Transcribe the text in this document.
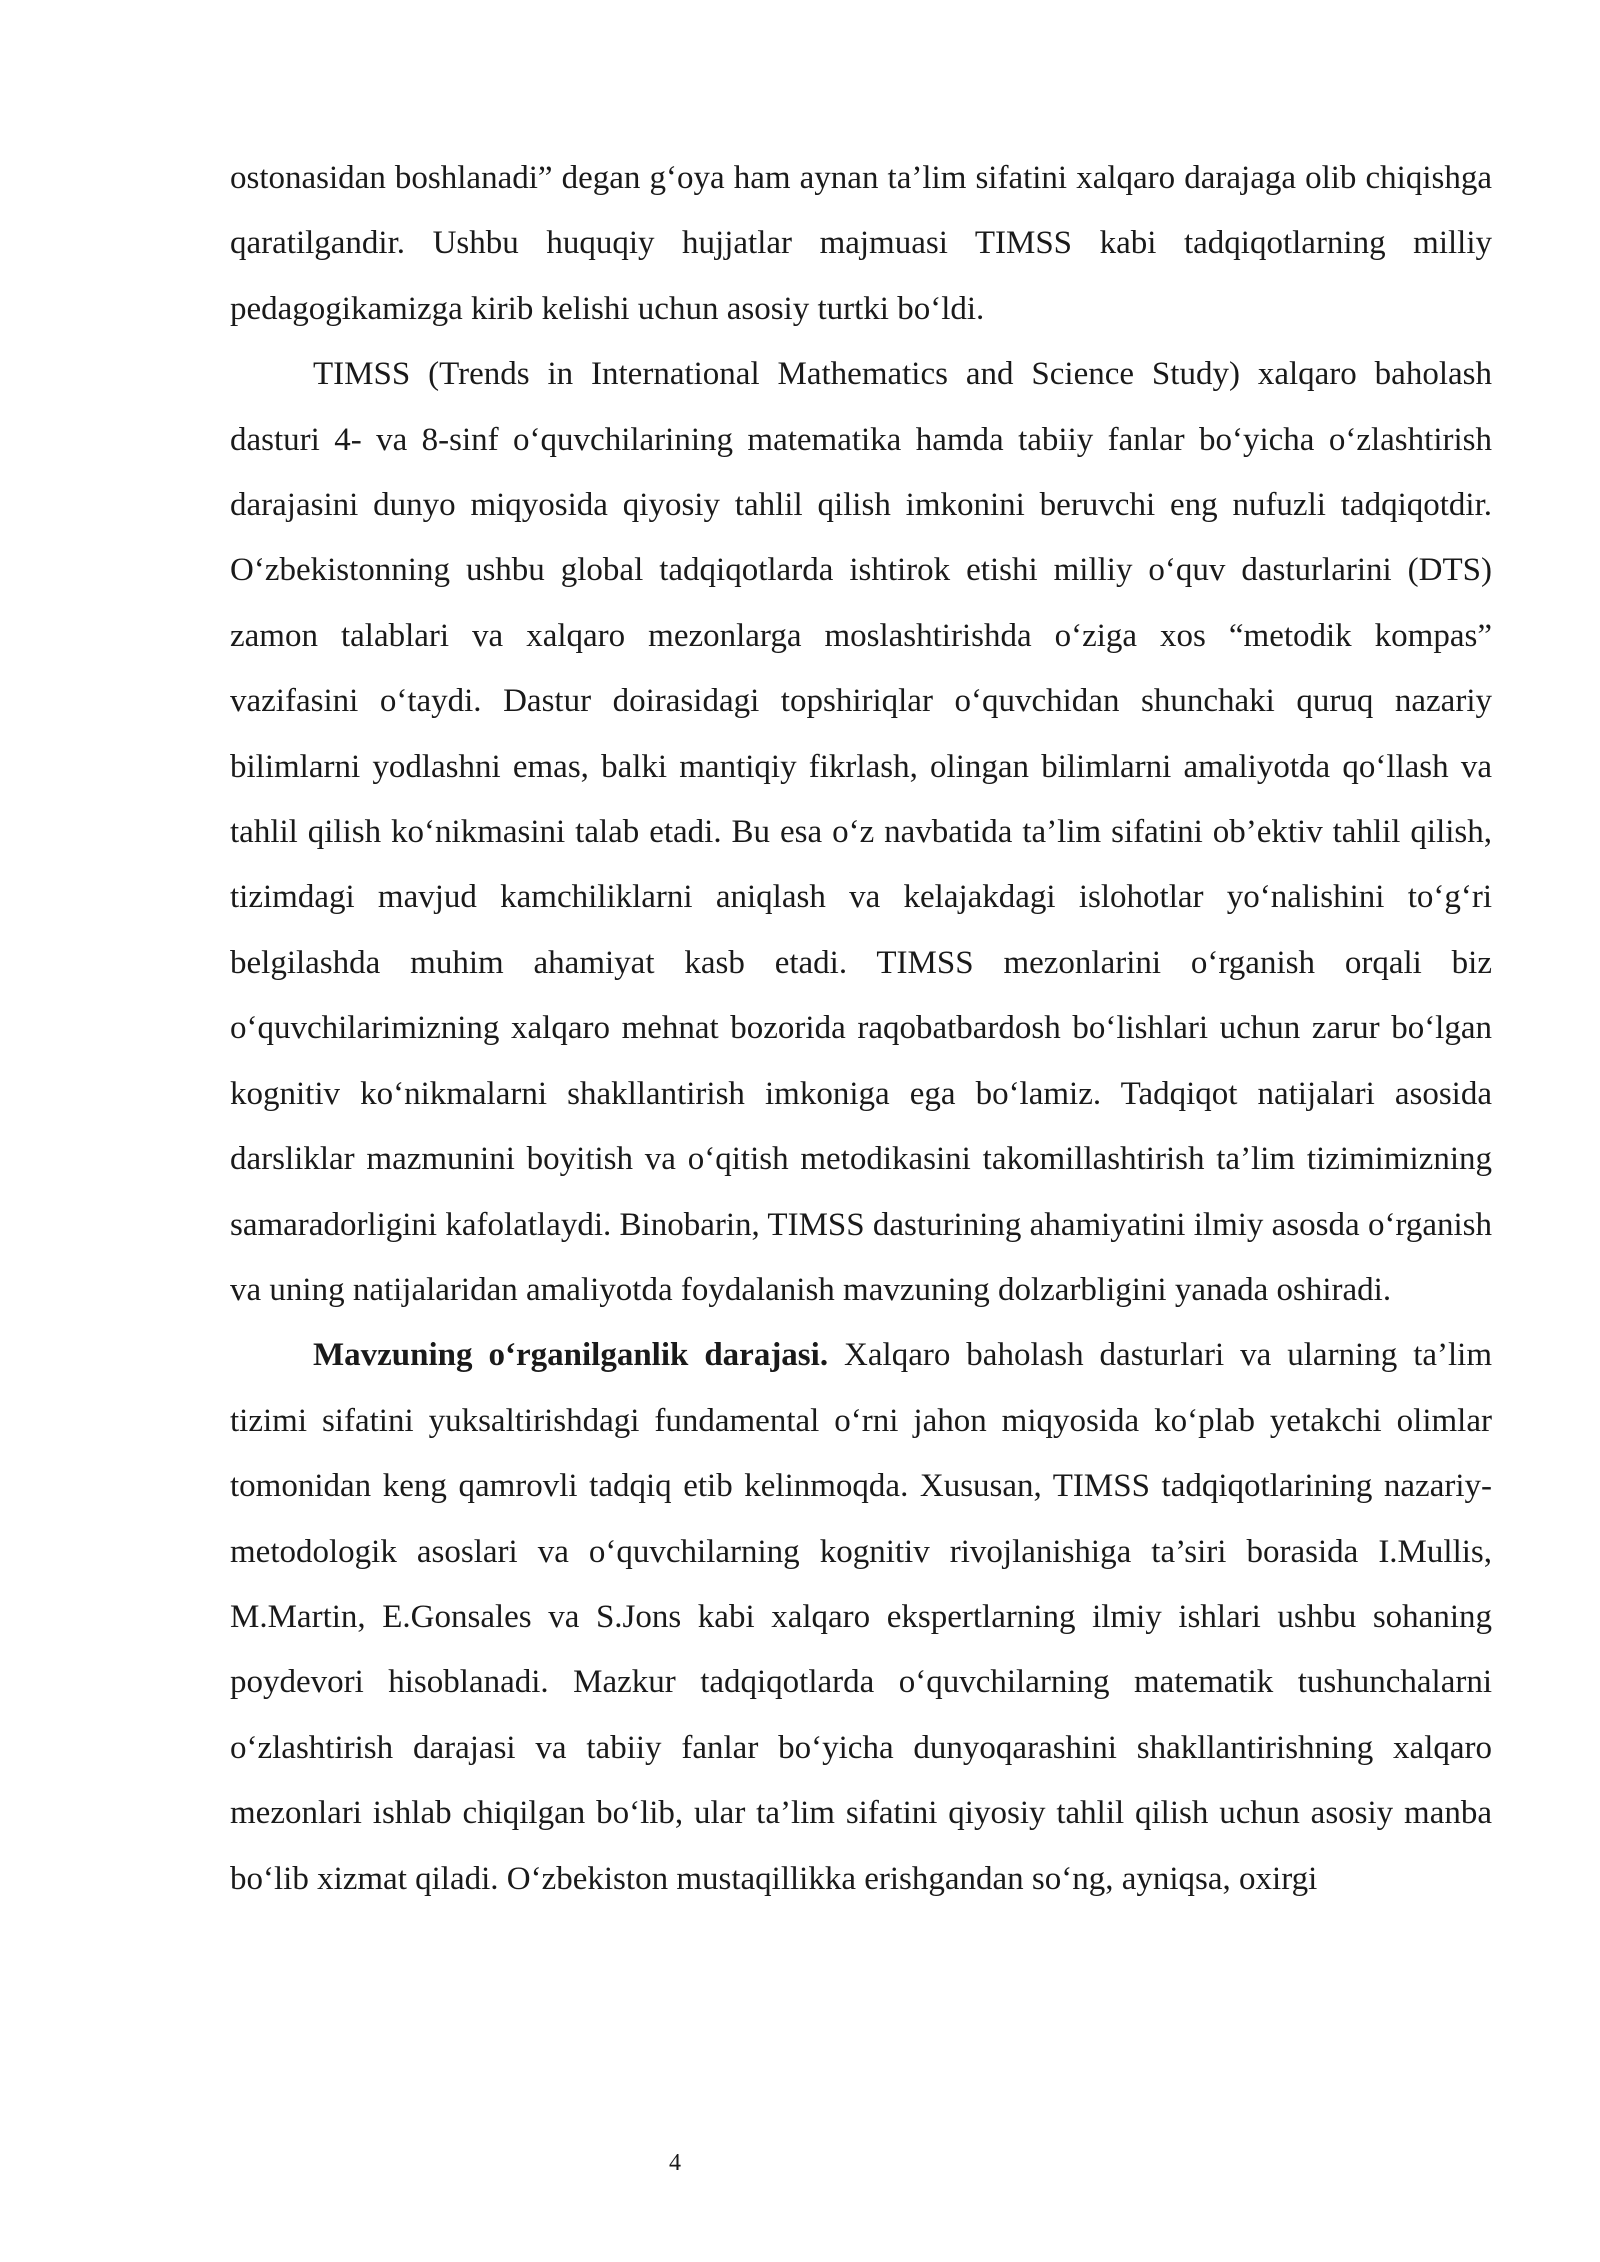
ostonasidan boshlanadi” degan g‘oya ham aynan ta’lim sifatini xalqaro darajaga olib chiqishga qaratilgandir. Ushbu huquqiy hujjatlar majmuasi TIMSS kabi tadqiqotlarning milliy pedagogikamizga kirib kelishi uchun asosiy turtki bo‘ldi.

TIMSS (Trends in International Mathematics and Science Study) xalqaro baholash dasturi 4- va 8-sinf o‘quvchilarining matematika hamda tabiiy fanlar bo‘yicha o‘zlashtirish darajasini dunyo miqyosida qiyosiy tahlil qilish imkonini beruvchi eng nufuzli tadqiqotdir. O‘zbekistonning ushbu global tadqiqotlarda ishtirok etishi milliy o‘quv dasturlarini (DTS) zamon talablari va xalqaro mezonlarga moslashtirishda o‘ziga xos “metodik kompas” vazifasini o‘taydi. Dastur doirasidagi topshiriqlar o‘quvchidan shunchaki quruq nazariy bilimlarni yodlashni emas, balki mantiqiy fikrlash, olingan bilimlarni amaliyotda qo‘llash va tahlil qilish ko‘nikmasini talab etadi. Bu esa o‘z navbatida ta’lim sifatini ob’ektiv tahlil qilish, tizimdagi mavjud kamchiliklarni aniqlash va kelajakdagi islohotlar yo‘nalishini to‘g‘ri belgilashda muhim ahamiyat kasb etadi. TIMSS mezonlarini o‘rganish orqali biz o‘quvchilarimizning xalqaro mehnat bozorida raqobatbardosh bo‘lishlari uchun zarur bo‘lgan kognitiv ko‘nikmalarni shakllantirish imkoniga ega bo‘lamiz. Tadqiqot natijalari asosida darsliklar mazmunini boyitish va o‘qitish metodikasini takomillashtirish ta’lim tizimimizning samaradorligini kafolatlaydi. Binobarin, TIMSS dasturining ahamiyatini ilmiy asosda o‘rganish va uning natijalaridan amaliyotda foydalanish mavzuning dolzarbligini yanada oshiradi.

Mavzuning o‘rganilganlik darajasi. Xalqaro baholash dasturlari va ularning ta’lim tizimi sifatini yuksaltirishdagi fundamental o‘rni jahon miqyosida ko‘plab yetakchi olimlar tomonidan keng qamrovli tadqiq etib kelinmoqda. Xususan, TIMSS tadqiqotlarining nazariy-metodologik asoslari va o‘quvchilarning kognitiv rivojlanishiga ta’siri borasida I.Mullis, M.Martin, E.Gonsales va S.Jons kabi xalqaro ekspertlarning ilmiy ishlari ushbu sohaning poydevori hisoblanadi. Mazkur tadqiqotlarda o‘quvchilarning matematik tushunchalarni o‘zlashtirish darajasi va tabiiy fanlar bo‘yicha dunyoqarashini shakllantirishning xalqaro mezonlari ishlab chiqilgan bo‘lib, ular ta’lim sifatini qiyosiy tahlil qilish uchun asosiy manba bo‘lib xizmat qiladi. O‘zbekiston mustaqillikka erishgandan so‘ng, ayniqsa, oxirgi

4
